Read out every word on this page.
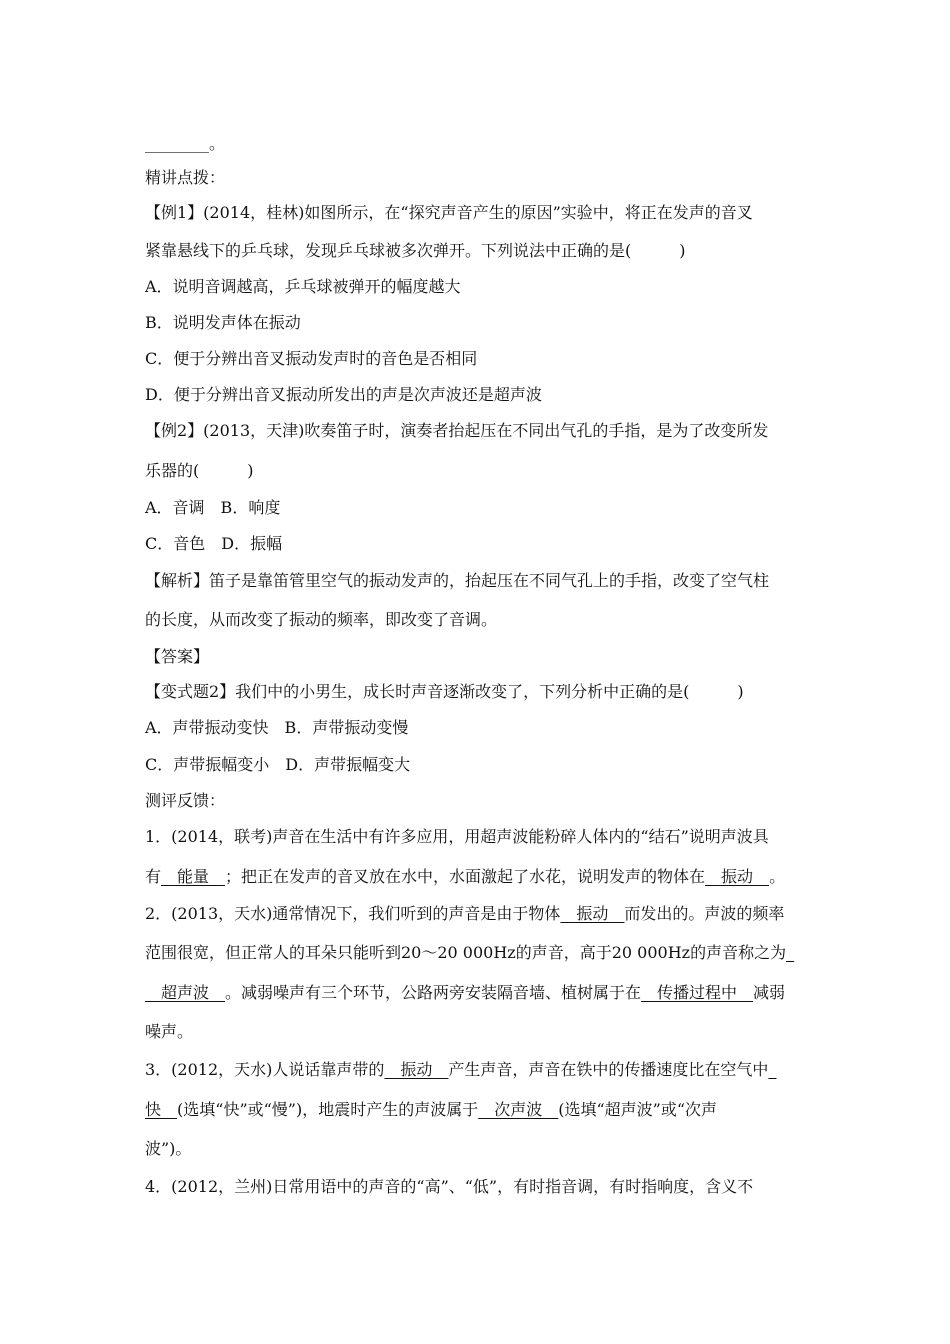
________。
精讲点拨：
【例1】(2014，桂林)如图所示，在“探究声音产生的原因”实验中，将正在发声的音叉
紧靠悬线下的乒乓球，发现乒乓球被多次弹开。下列说法中正确的是(　　　)
A．说明音调越高，乒乓球被弹开的幅度越大
B．说明发声体在振动
C．便于分辨出音叉振动发声时的音色是否相同
D．便于分辨出音叉振动所发出的声是次声波还是超声波
【例2】(2013，天津)吹奏笛子时，演奏者抬起压在不同出气孔的手指，是为了改变所发
乐器的(　　　)
A．音调　B．响度
C．音色　D．振幅
【解析】笛子是靠笛管里空气的振动发声的，抬起压在不同气孔上的手指，改变了空气柱
的长度，从而改变了振动的频率，即改变了音调。
【答案】
【变式题2】我们中的小男生，成长时声音逐渐改变了，下列分析中正确的是(　　　)
A．声带振动变快　B．声带振动变慢
C．声带振幅变小　D．声带振幅变大
测评反馈：
1．(2014，联考)声音在生活中有许多应用，用超声波能粉碎人体内的“结石”说明声波具
有　能量　；把正在发声的音叉放在水中，水面激起了水花，说明发声的物体在　振动　。
2．(2013，天水)通常情况下，我们听到的声音是由于物体　振动　而发出的。声波的频率
范围很宽，但正常人的耳朵只能听到20～20 000Hz的声音，高于20 000Hz的声音称之为_
　超声波　。减弱噪声有三个环节，公路两旁安装隔音墙、植树属于在　传播过程中　减弱
噪声。
3．(2012，天水)人说话靠声带的　振动　产生声音，声音在铁中的传播速度比在空气中_
快　(选填“快”或“慢”)，地震时产生的声波属于　次声波　(选填“超声波”或“次声
波”)。
4．(2012，兰州)日常用语中的声音的“高”、“低”，有时指音调，有时指响度，含义不
